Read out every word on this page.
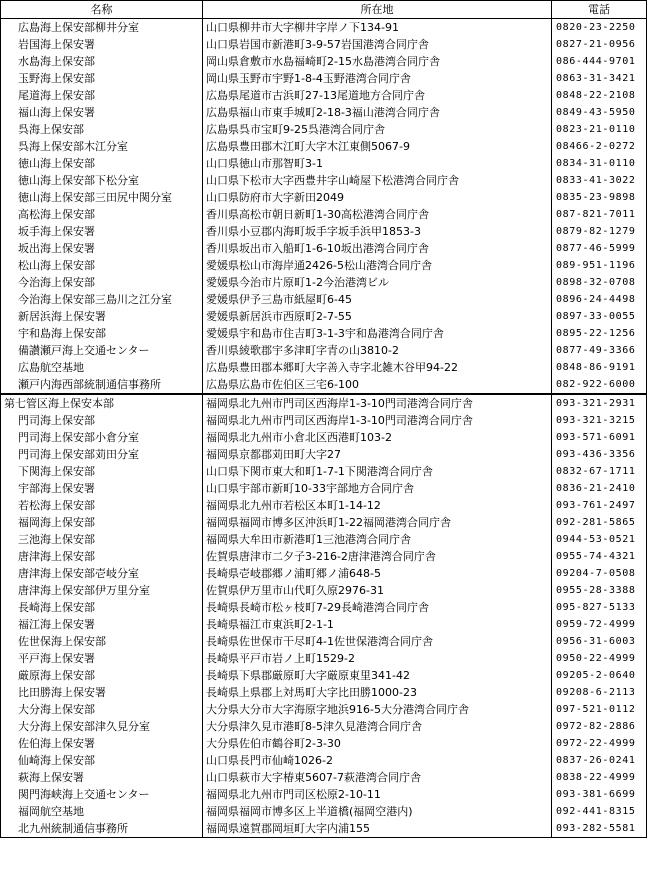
名称	所在地	電話
広島海上保安部柳井分室	山口県柳井市大字柳井字岸ノ下134-91	0820-23-2250
岩国海上保安署	山口県岩国市新港町3-9-57岩国港湾合同庁舎	0827-21-0956
水島海上保安部	岡山県倉敷市水島福崎町2-15水島港湾合同庁舎	086-444-9701
玉野海上保安部	岡山県玉野市宇野1-8-4玉野港湾合同庁舎	0863-31-3421
尾道海上保安部	広島県尾道市古浜町27-13尾道地方合同庁舎	0848-22-2108
福山海上保安署	広島県福山市東手城町2-18-3福山港湾合同庁舎	0849-43-5950
呉海上保安部	広島県呉市宝町9-25呉港湾合同庁舎	0823-21-0110
呉海上保安部木江分室	広島県豊田郡木江町大字木江東側5067-9	08466-2-0272
徳山海上保安部	山口県徳山市那智町3-1	0834-31-0110
徳山海上保安部下松分室	山口県下松市大字西豊井字山崎屋下松港湾合同庁舎	0833-41-3022
徳山海上保安部三田尻中関分室	山口県防府市大字新田2049	0835-23-9898
高松海上保安部	香川県高松市朝日新町1-30高松港湾合同庁舎	087-821-7011
坂手海上保安署	香川県小豆郡内海町坂手字坂手浜甲1853-3	0879-82-1279
坂出海上保安署	香川県坂出市入船町1-6-10坂出港湾合同庁舎	0877-46-5999
松山海上保安部	愛媛県松山市海岸通2426-5松山港湾合同庁舎	089-951-1196
今治海上保安部	愛媛県今治市片原町1-2今治港湾ビル	0898-32-0708
今治海上保安部三島川之江分室	愛媛県伊予三島市紙屋町6-45	0896-24-4498
新居浜海上保安署	愛媛県新居浜市西原町2-7-55	0897-33-0055
宇和島海上保安部	愛媛県宇和島市住吉町3-1-3宇和島港湾合同庁舎	0895-22-1256
備讃瀬戸海上交通センター	香川県綾歌郡宇多津町字青の山3810-2	0877-49-3366
広島航空基地	広島県豊田郡本郷町大字善入寺字北雑木谷甲94-22	0848-86-9191
瀬戸内海西部統制通信事務所	広島県広島市佐伯区三宅6-100	082-922-6000
第七管区海上保安本部	福岡県北九州市門司区西海岸1-3-10門司港湾合同庁舎	093-321-2931
門司海上保安部	福岡県北九州市門司区西海岸1-3-10門司港湾合同庁舎	093-321-3215
門司海上保安部小倉分室	福岡県北九州市小倉北区西港町103-2	093-571-6091
門司海上保安部苅田分室	福岡県京都郡苅田町大字27	093-436-3356
下関海上保安部	山口県下関市東大和町1-7-1下関港湾合同庁舎	0832-67-1711
宇部海上保安署	山口県宇部市新町10-33宇部地方合同庁舎	0836-21-2410
若松海上保安部	福岡県北九州市若松区本町1-14-12	093-761-2497
福岡海上保安部	福岡県福岡市博多区沖浜町1-22福岡港湾合同庁舎	092-281-5865
三池海上保安部	福岡県大牟田市新港町1三池港湾合同庁舎	0944-53-0521
唐津海上保安部	佐賀県唐津市二夕子3-216-2唐津港湾合同庁舎	0955-74-4321
唐津海上保安部壱岐分室	長崎県壱岐郡郷ノ浦町郷ノ浦648-5	09204-7-0508
唐津海上保安部伊万里分室	佐賀県伊万里市山代町久原2976-31	0955-28-3388
長崎海上保安部	長崎県長崎市松ヶ枝町7-29長崎港湾合同庁舎	095-827-5133
福江海上保安署	長崎県福江市東浜町2-1-1	0959-72-4999
佐世保海上保安部	長崎県佐世保市干尽町4-1佐世保港湾合同庁舎	0956-31-6003
平戸海上保安署	長崎県平戸市岩ノ上町1529-2	0950-22-4999
厳原海上保安部	長崎県下県郡厳原町大字厳原東里341-42	09205-2-0640
比田勝海上保安署	長崎県上県郡上対馬町大字比田勝1000-23	09208-6-2113
大分海上保安部	大分県大分市大字海原字地浜916-5大分港湾合同庁舎	097-521-0112
大分海上保安部津久見分室	大分県津久見市港町8-5津久見港湾合同庁舎	0972-82-2886
佐伯海上保安署	大分県佐伯市鶴谷町2-3-30	0972-22-4999
仙崎海上保安部	山口県長門市仙崎1026-2	0837-26-0241
萩海上保安署	山口県萩市大字椿東5607-7萩港湾合同庁舎	0838-22-4999
関門海峡海上交通センター	福岡県北九州市門司区松原2-10-11	093-381-6699
福岡航空基地	福岡県福岡市博多区上半道橋(福岡空港内)	092-441-8315
北九州統制通信事務所	福岡県遠賀郡岡垣町大字内浦155	093-282-5581
